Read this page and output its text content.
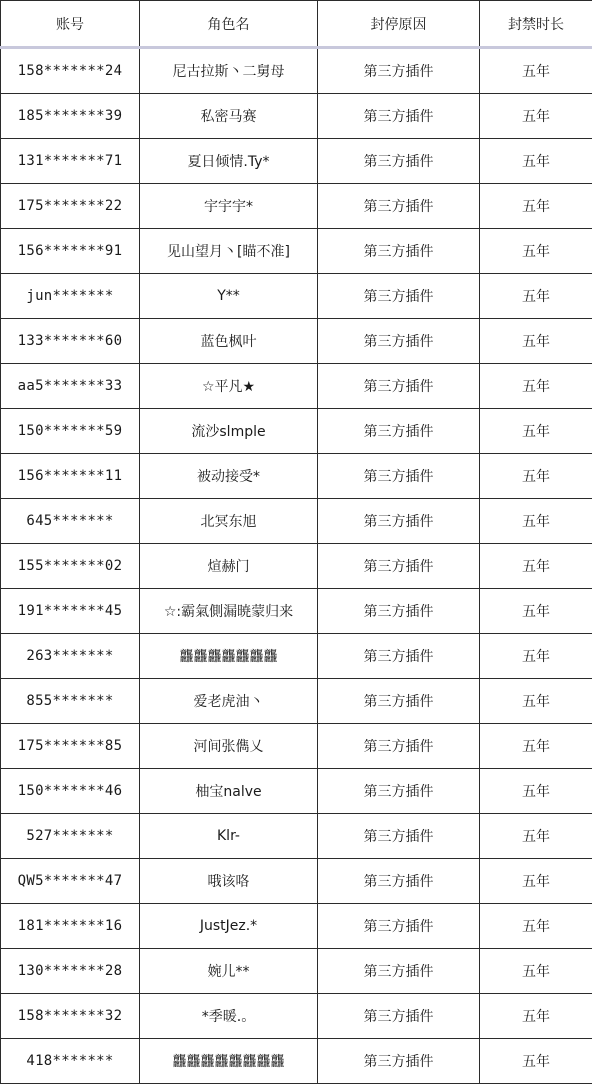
账号	角色名	封停原因	封禁时长
158*******24	尼古拉斯丶二舅母	第三方插件	五年
185*******39	私密马赛	第三方插件	五年
131*******71	夏日倾情.Ty*	第三方插件	五年
175*******22	宇宇宇*	第三方插件	五年
156*******91	见山望月丶[瞄不准]	第三方插件	五年
jun*******	Y**	第三方插件	五年
133*******60	蓝色枫叶	第三方插件	五年
aa5*******33	☆平凡★	第三方插件	五年
150*******59	流沙slmple	第三方插件	五年
156*******11	被动接受*	第三方插件	五年
645*******	北冥东旭	第三方插件	五年
155*******02	煊赫门	第三方插件	五年
191*******45	☆:霸氣側漏暁蒙归来	第三方插件	五年
263*******	龘龘龘龘龘龘龘	第三方插件	五年
855*******	爱老虎油丶	第三方插件	五年
175*******85	河间张儁乂	第三方插件	五年
150*******46	柚宝nalve	第三方插件	五年
527*******	Klr-	第三方插件	五年
QW5*******47	哦该咯	第三方插件	五年
181*******16	JustJez.*	第三方插件	五年
130*******28	婉儿**	第三方插件	五年
158*******32	*季暖.。	第三方插件	五年
418*******	龘龘龘龘龘龘龘龘	第三方插件	五年
